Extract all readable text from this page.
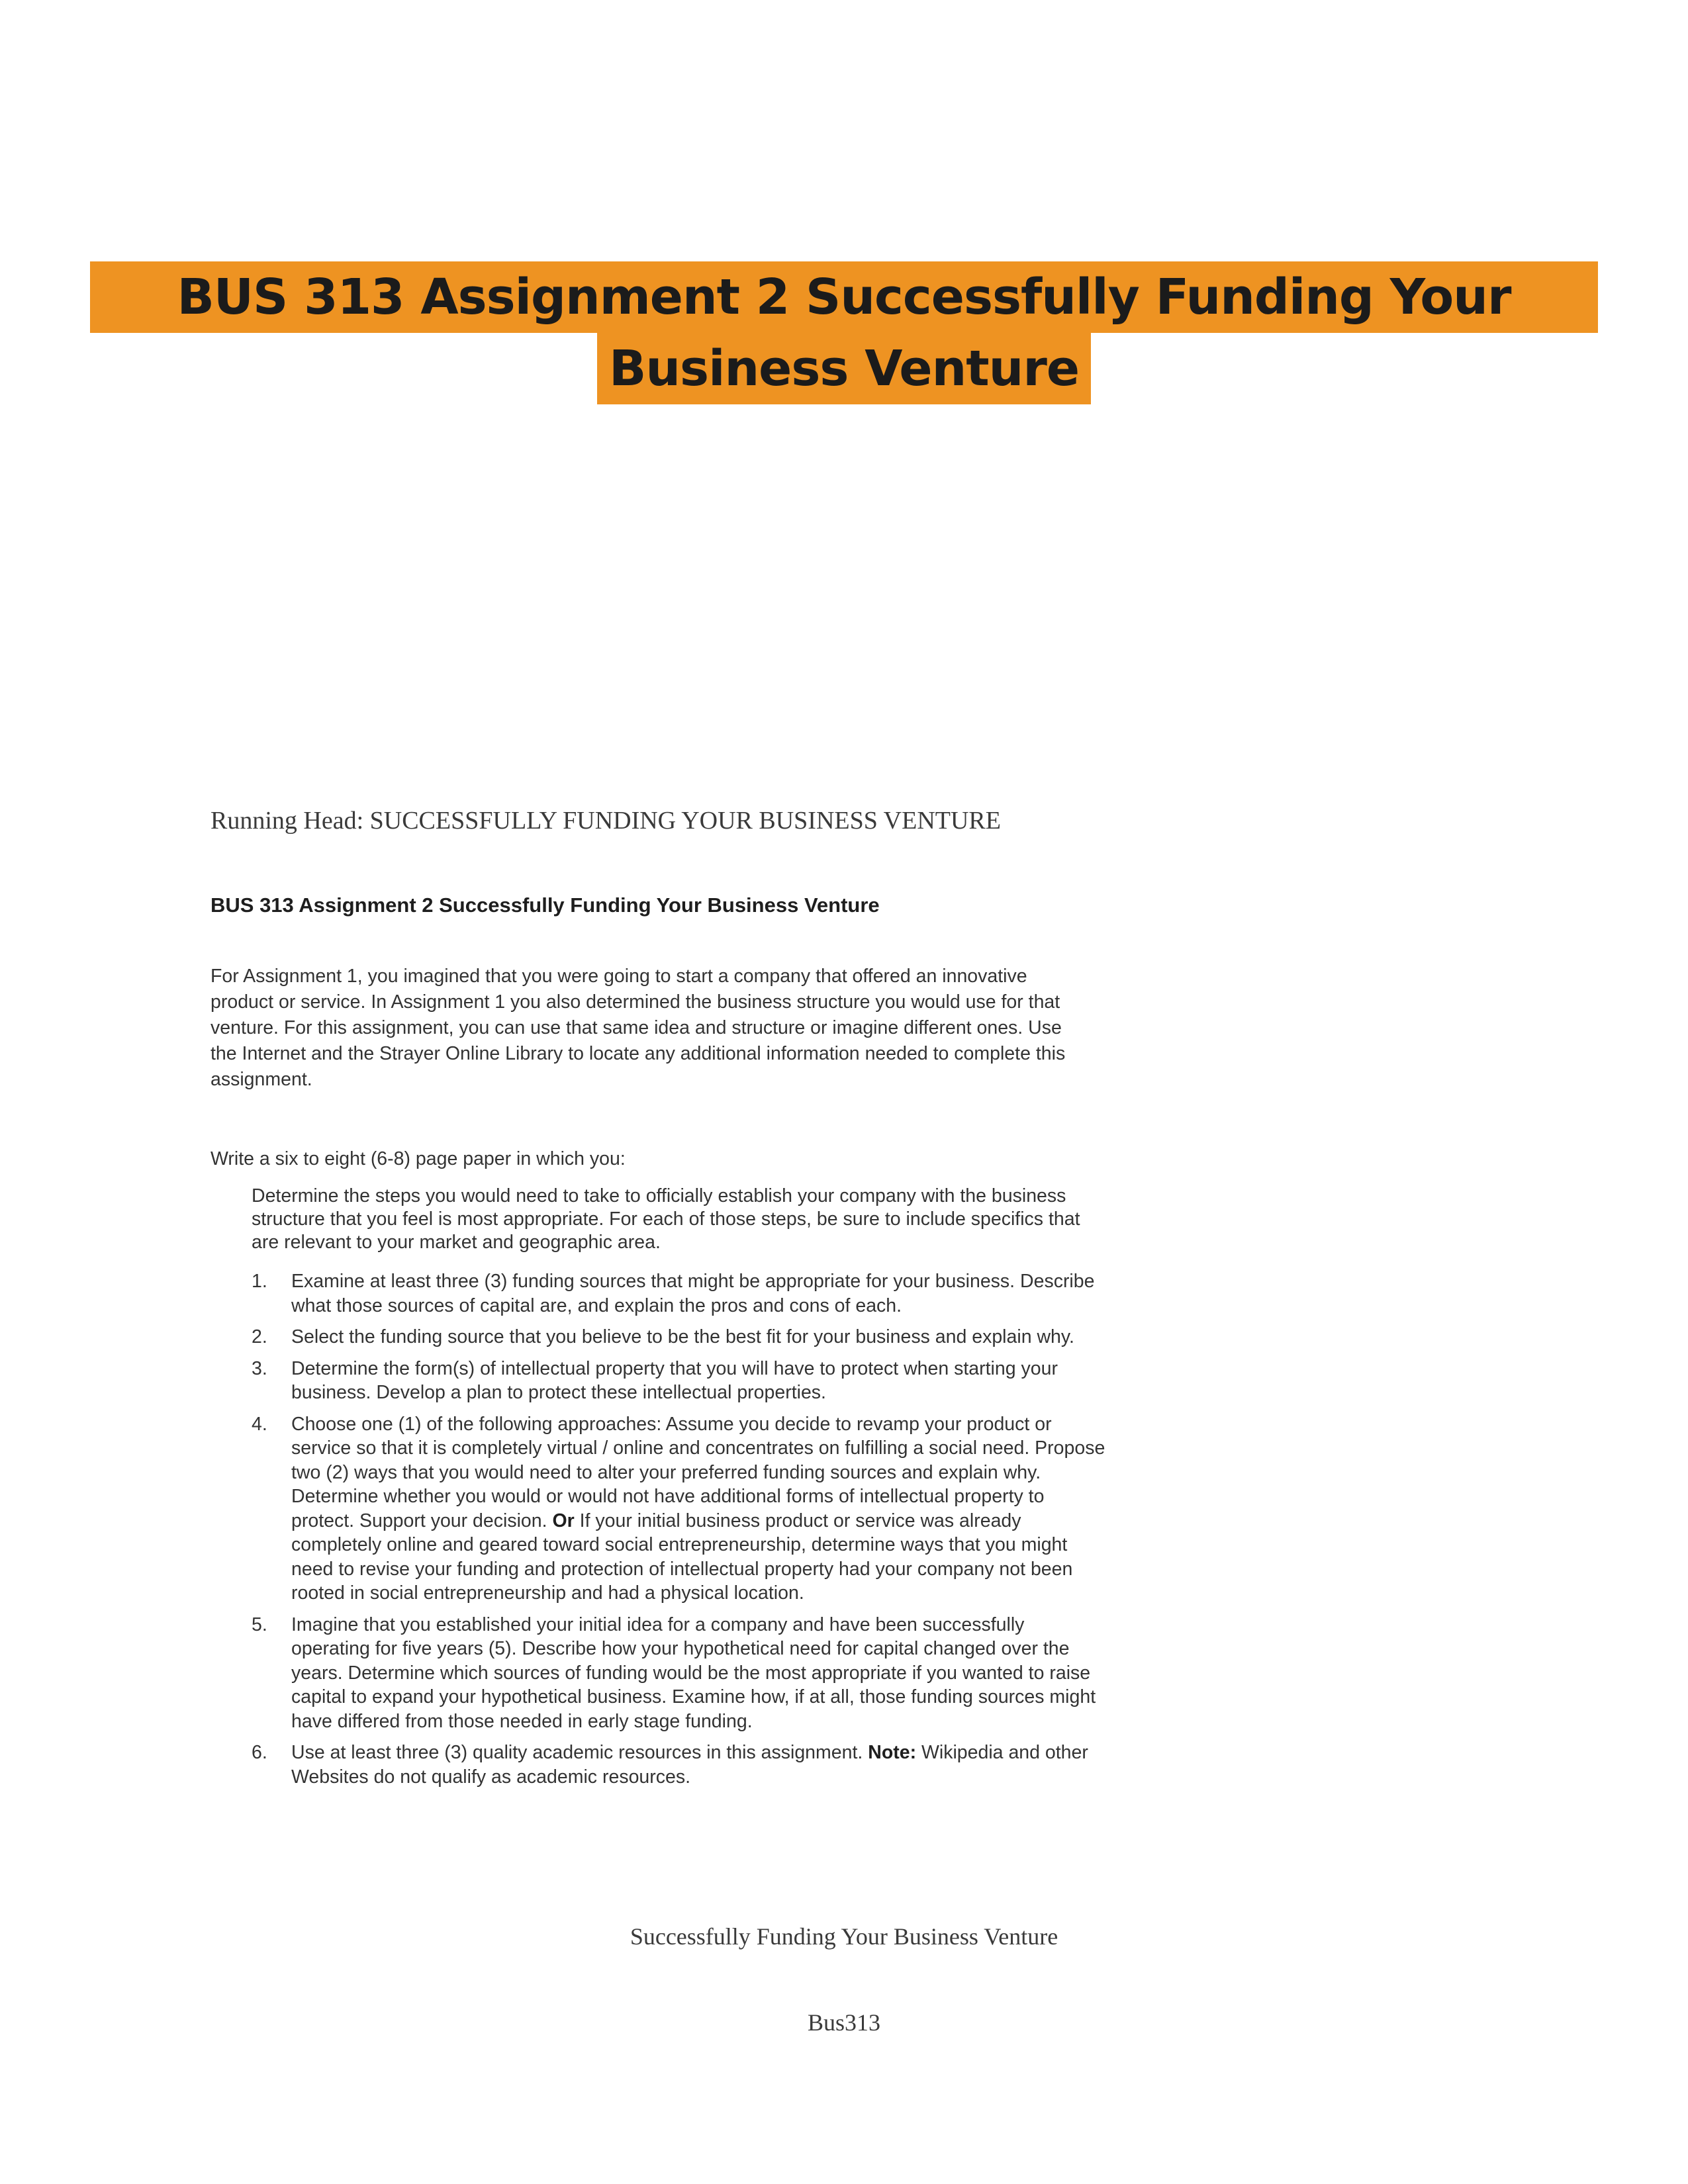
BUS 313 Assignment 2 Successfully Funding Your
Business Venture
Running Head: SUCCESSFULLY FUNDING YOUR BUSINESS VENTURE
BUS 313 Assignment 2 Successfully Funding Your Business Venture
For Assignment 1, you imagined that you were going to start a company that offered an innovative
product or service. In Assignment 1 you also determined the business structure you would use for that
venture. For this assignment, you can use that same idea and structure or imagine different ones. Use
the Internet and the Strayer Online Library to locate any additional information needed to complete this
assignment.
Write a six to eight (6-8) page paper in which you:
Determine the steps you would need to take to officially establish your company with the business
structure that you feel is most appropriate. For each of those steps, be sure to include specifics that
are relevant to your market and geographic area.
1.	Examine at least three (3) funding sources that might be appropriate for your business. Describe
what those sources of capital are, and explain the pros and cons of each.
2.	Select the funding source that you believe to be the best fit for your business and explain why.
3.	Determine the form(s) of intellectual property that you will have to protect when starting your
business. Develop a plan to protect these intellectual properties.
4.	Choose one (1) of the following approaches: Assume you decide to revamp your product or
service so that it is completely virtual / online and concentrates on fulfilling a social need. Propose
two (2) ways that you would need to alter your preferred funding sources and explain why.
Determine whether you would or would not have additional forms of intellectual property to
protect. Support your decision. Or If your initial business product or service was already
completely online and geared toward social entrepreneurship, determine ways that you might
need to revise your funding and protection of intellectual property had your company not been
rooted in social entrepreneurship and had a physical location.
5.	Imagine that you established your initial idea for a company and have been successfully
operating for five years (5). Describe how your hypothetical need for capital changed over the
years. Determine which sources of funding would be the most appropriate if you wanted to raise
capital to expand your hypothetical business. Examine how, if at all, those funding sources might
have differed from those needed in early stage funding.
6.	Use at least three (3) quality academic resources in this assignment. Note: Wikipedia and other
Websites do not qualify as academic resources.
Successfully Funding Your Business Venture
Bus313
